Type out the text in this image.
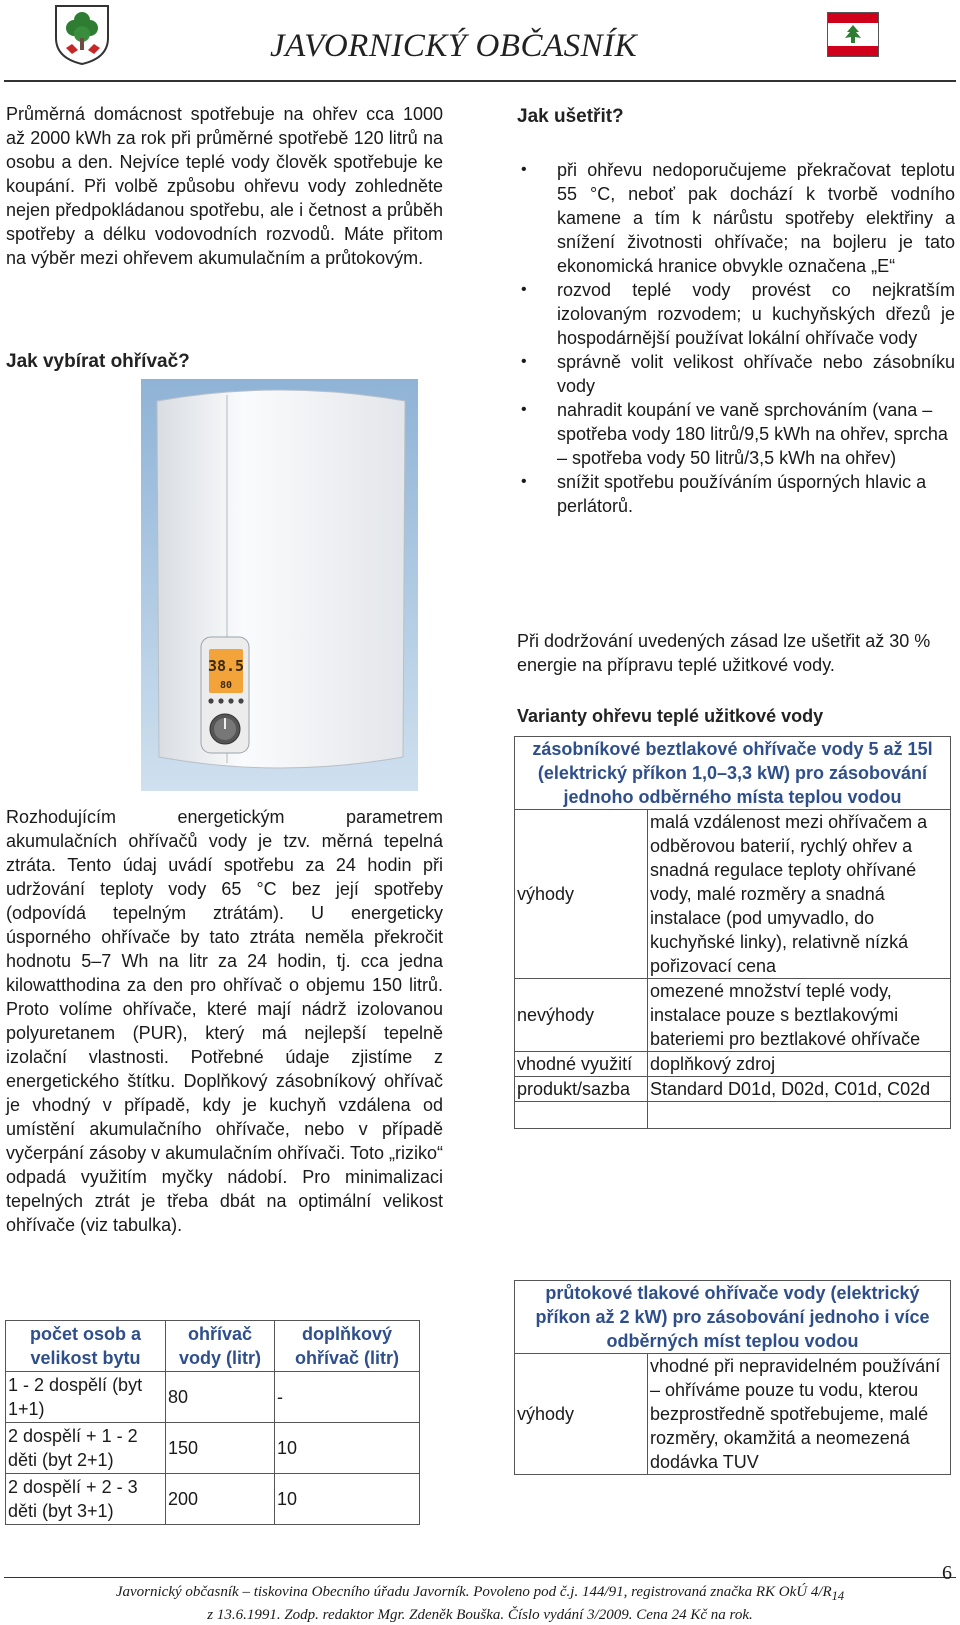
JAVORNICKÝ OBČASNÍK

Průměrná domácnost spotřebuje na ohřev cca 1000 až 2000 kWh za rok při průměrné spotřebě 120 litrů na osobu a den. Nejvíce teplé vody člověk spotřebuje ke koupání. Při volbě způsobu ohřevu vody zohledněte nejen předpokládanou spotřebu, ale i četnost a průběh spotřeby a délku vodovodních rozvodů. Máte přitom na výběr mezi ohřevem akumulačním a průtokovým.

Jak vybírat ohřívač?
38.5
80

Rozhodujícím energetickým parametrem akumulačních ohřívačů vody je tzv. měrná tepelná ztráta. Tento údaj uvádí spotřebu za 24 hodin při udržování teploty vody 65 °C bez její spotřeby (odpovídá tepelným ztrátám). U energeticky úsporného ohřívače by tato ztráta neměla překročit hodnotu 5–7 Wh na litr za 24 hodin, tj. cca jedna kilowatthodina za den pro ohřívač o objemu 150 litrů. Proto volíme ohřívače, které mají nádrž izolovanou polyuretanem (PUR), který má nejlepší tepelně izolační vlastnosti. Potřebné údaje zjistíme z energetického štítku. Doplňkový zásobníkový ohřívač je vhodný v případě, kdy je kuchyň vzdálena od umístění akumulačního ohřívače, nebo v případě vyčerpání zásoby v akumulačním ohřívači. Toto „riziko“ odpadá využitím myčky nádobí. Pro minimalizaci tepelných ztrát je třeba dbát na optimální velikost ohřívače (viz tabulka).

počet osob a velikost bytu	ohřívač vody (litr)	doplňkový ohřívač (litr)
1 - 2 dospělí (byt 1+1)	80	-
2 dospělí + 1 - 2 děti (byt 2+1)	150	10
2 dospělí + 2 - 3 děti (byt 3+1)	200	10
Jak ušetřit?
• při ohřevu nedoporučujeme překračovat teplotu 55 °C, neboť pak dochází k tvorbě vodního kamene a tím k nárůstu spotřeby elektřiny a snížení životnosti ohřívače; na bojleru je tato ekonomická hranice obvykle označena „E“
• rozvod teplé vody provést co nejkratším izolovaným rozvodem; u kuchyňských dřezů je hospodárnější používat lokální ohřívače vody
• správně volit velikost ohřívače nebo zásobníku vody
• nahradit koupání ve vaně sprchováním (vana – spotřeba vody 180 litrů/9,5 kWh na ohřev, sprcha – spotřeba vody 50 litrů/3,5 kWh na ohřev)
• snížit spotřebu používáním úsporných hlavic a perlátorů.

Při dodržování uvedených zásad lze ušetřit až 30 % energie na přípravu teplé užitkové vody.

Varianty ohřevu teplé užitkové vody
zásobníkové beztlakové ohřívače vody 5 až 15l (elektrický příkon 1,0–3,3 kW) pro zásobování jednoho odběrného místa teplou vodou	
výhody	malá vzdálenost mezi ohřívačem a odběrovou baterií, rychlý ohřev a snadná regulace teploty ohřívané vody, malé rozměry a snadná instalace (pod umyvadlo, do kuchyňské linky), relativně nízká pořizovací cena
nevýhody	omezené množství teplé vody, instalace pouze s beztlakovými bateriemi pro beztlakové ohřívače
vhodné využití	doplňkový zdroj
produkt/sazba	Standard D01d, D02d, C01d, C02d

průtokové tlakové ohřívače vody (elektrický příkon až 2 kW) pro zásobování jednoho i více odběrných míst teplou vodou
výhody	vhodné při nepravidelném používání – ohříváme pouze tu vodu, kterou bezprostředně spotřebujeme, malé rozměry, okamžitá a neomezená dodávka TUV
Javornický občasník – tiskovina Obecního úřadu Javorník. Povoleno pod č.j. 144/91, registrovaná značka RK OkÚ $4/R_{14}$
z 13.6.1991. Zodp. redaktor Mgr. Zdeněk Bouška. Číslo vydání 3/2009. Cena 24 Kč na rok.
6
